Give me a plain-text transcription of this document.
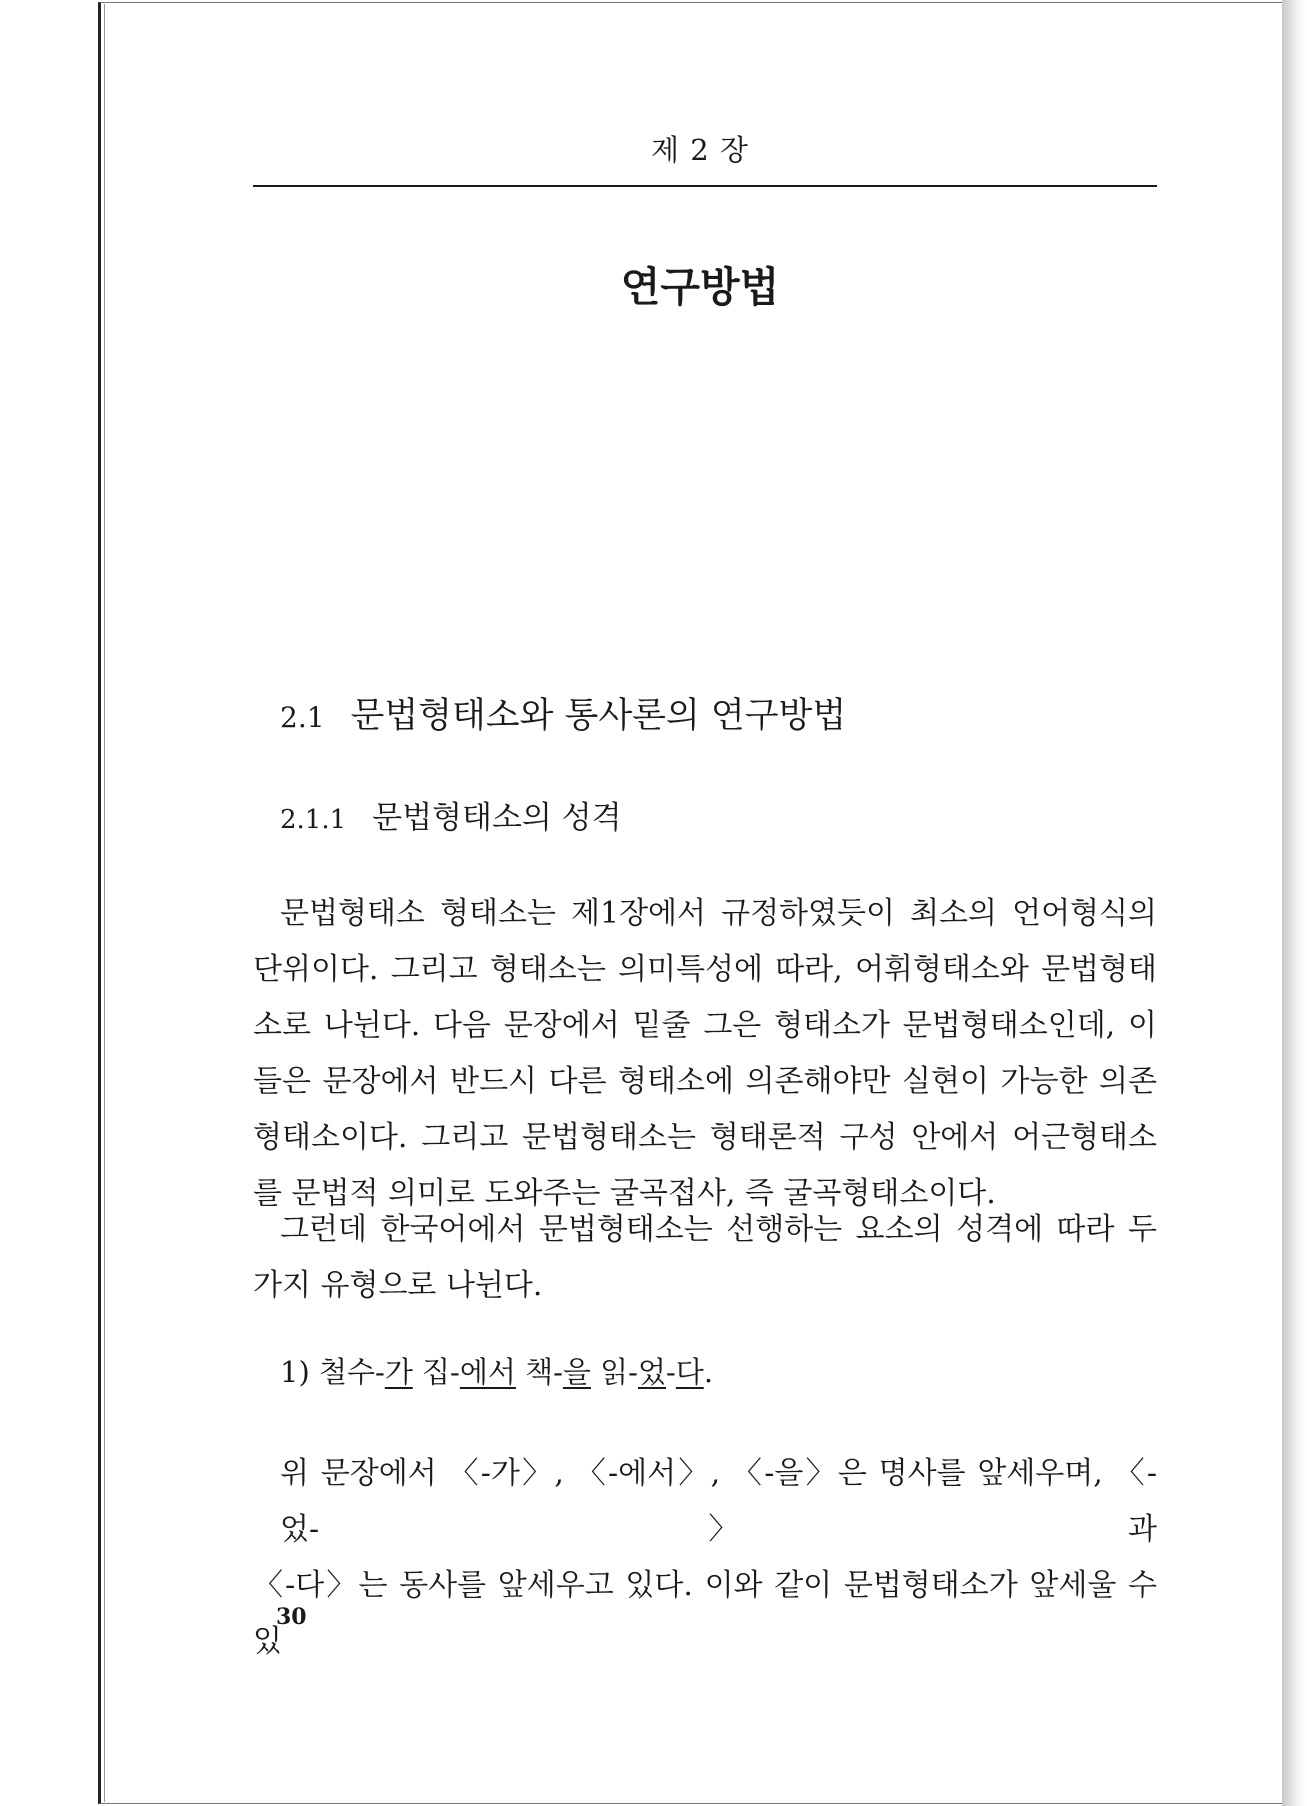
제 2 장
연구방법
2.1 문법형태소와 통사론의 연구방법
2.1.1 문법형태소의 성격
문법형태소 형태소는 제1장에서 규정하였듯이 최소의 언어형식의
단위이다. 그리고 형태소는 의미특성에 따라, 어휘형태소와 문법형태
소로 나뉜다. 다음 문장에서 밑줄 그은 형태소가 문법형태소인데, 이
들은 문장에서 반드시 다른 형태소에 의존해야만 실현이 가능한 의존
형태소이다. 그리고 문법형태소는 형태론적 구성 안에서 어근형태소
를 문법적 의미로 도와주는 굴곡접사, 즉 굴곡형태소이다.
그런데 한국어에서 문법형태소는 선행하는 요소의 성격에 따라 두
가지 유형으로 나뉜다.
1) 철수-가 집-에서 책-을 읽-었-다.
위 문장에서 〈-가〉, 〈-에서〉, 〈-을〉은 명사를 앞세우며, 〈-었-〉과
〈-다〉는 동사를 앞세우고 있다. 이와 같이 문법형태소가 앞세울 수 있
30
